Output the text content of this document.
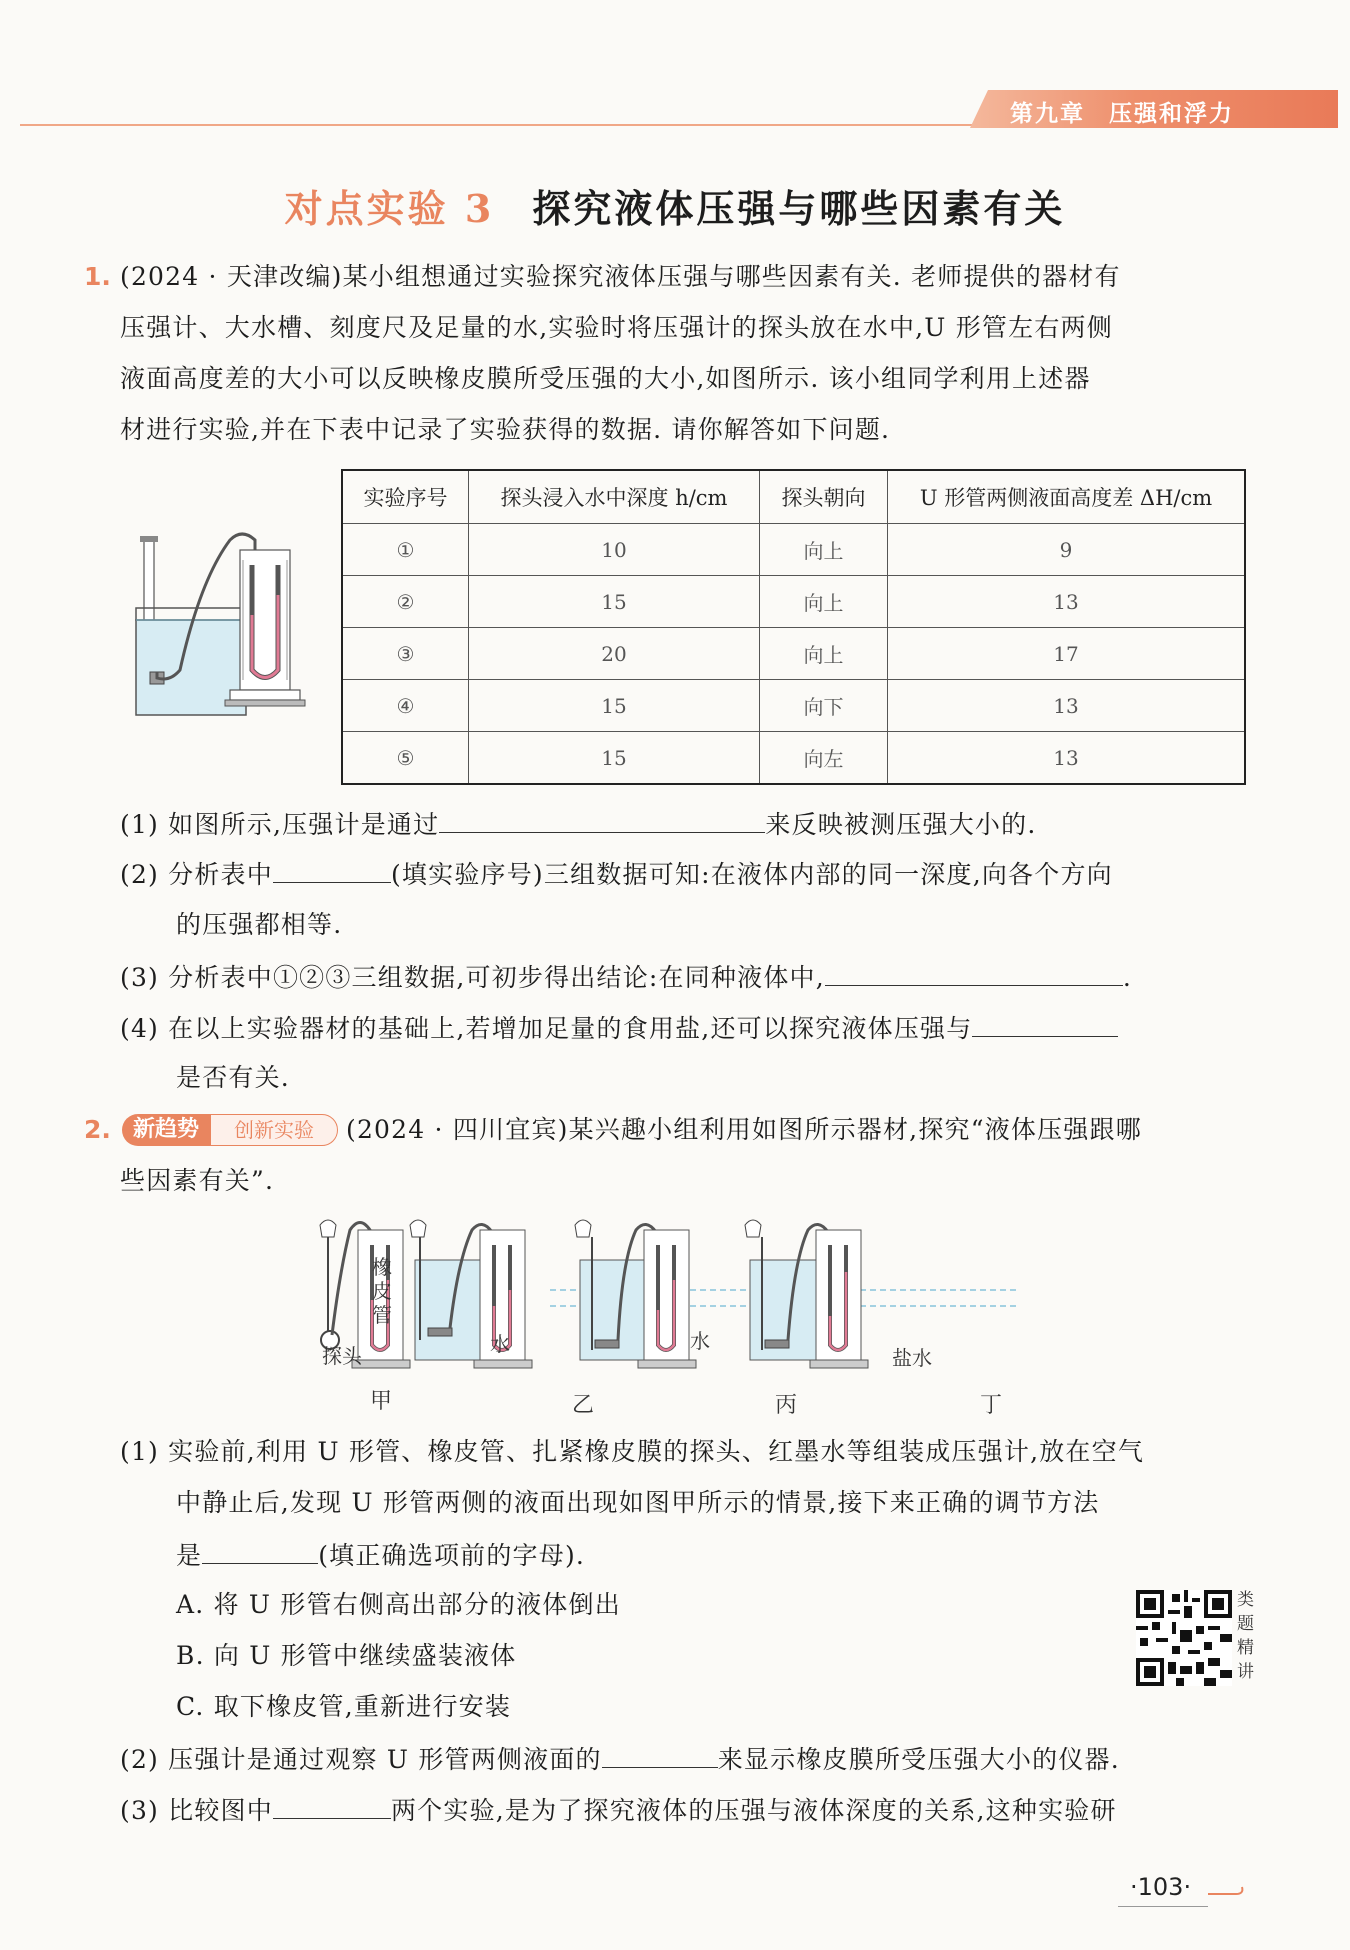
第九章 压强和浮力
对点实验 3 探究液体压强与哪些因素有关
1. (2024 · 天津改编)某小组想通过实验探究液体压强与哪些因素有关. 老师提供的器材有
压强计、大水槽、刻度尺及足量的水,实验时将压强计的探头放在水中,U 形管左右两侧
液面高度差的大小可以反映橡皮膜所受压强的大小,如图所示. 该小组同学利用上述器
材进行实验,并在下表中记录了实验获得的数据. 请你解答如下问题.
实验序号	探头浸入水中深度 h/cm	探头朝向	U 形管两侧液面高度差 ΔH/cm
①	10	向上	9
②	15	向上	13
③	20	向上	17
④	15	向下	13
⑤	15	向左	13
(1) 如图所示,压强计是通过	来反映被测压强大小的.
(2) 分析表中	(填实验序号)三组数据可知:在液体内部的同一深度,向各个方向
的压强都相等.
(3) 分析表中①②③三组数据,可初步得出结论:在同种液体中,	.
(4) 在以上实验器材的基础上,若增加足量的食用盐,还可以探究液体压强与
是否有关.
2.	新趋势	创新实验	(2024 · 四川宜宾)某兴趣小组利用如图所示器材,探究“液体压强跟哪
些因素有关”.
橡皮管
探头	水	水
盐水
甲	乙	丙	丁
(1) 实验前,利用 U 形管、橡皮管、扎紧橡皮膜的探头、红墨水等组装成压强计,放在空气
中静止后,发现 U 形管两侧的液面出现如图甲所示的情景,接下来正确的调节方法
是	(填正确选项前的字母).
A. 将 U 形管右侧高出部分的液体倒出
B. 向 U 形管中继续盛装液体
C. 取下橡皮管,重新进行安装
类题精讲
(2) 压强计是通过观察 U 形管两侧液面的	来显示橡皮膜所受压强大小的仪器.
(3) 比较图中	两个实验,是为了探究液体的压强与液体深度的关系,这种实验研
·103·
